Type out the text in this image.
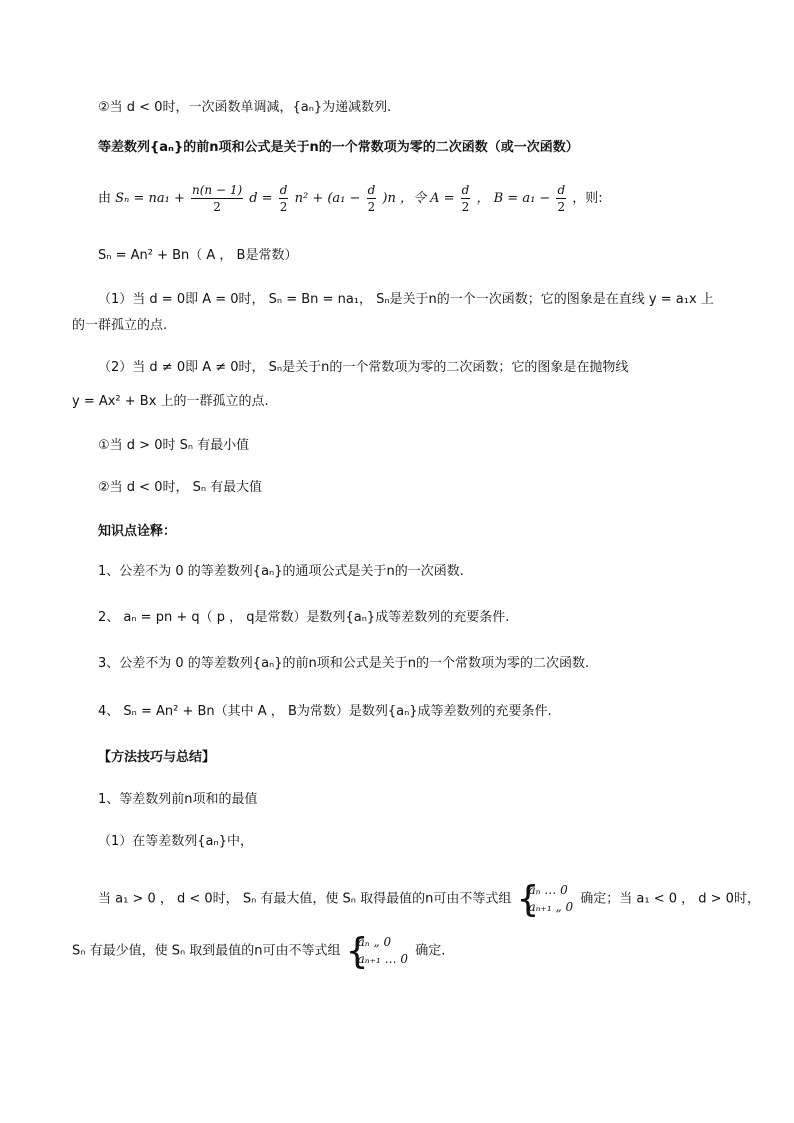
②当 d < 0时，一次函数单调减，{aₙ}为递减数列.
等差数列{aₙ}的前n项和公式是关于n的一个常数项为零的二次函数（或一次函数）
由 $S_n = na_1 + \frac{n(n - 1)}{2}$ $d = \frac{d}{2} n^2 + (a_1 - \frac{d}{2} )n$ ，令 $A = \frac{d}{2}$ ， $B = a_1 - \frac{d}{2}$ ，则:
Sₙ = An² + Bn（ A ， B是常数）
（1）当 d = 0即 A = 0时， Sₙ = Bn = na₁， Sₙ是关于n的一个一次函数；它的图象是在直线 y = a₁x 上
的一群孤立的点.
（2）当 d ≠ 0即 A ≠ 0时， Sₙ是关于n的一个常数项为零的二次函数；它的图象是在抛物线
y = Ax² + Bx 上的一群孤立的点.
①当 d > 0时 Sₙ 有最小值
②当 d < 0时， Sₙ 有最大值
知识点诠释：
1、公差不为 0 的等差数列{aₙ}的通项公式是关于n的一次函数.
2、 aₙ = pn + q（ p ， q是常数）是数列{aₙ}成等差数列的充要条件.
3、公差不为 0 的等差数列{aₙ}的前n项和公式是关于n的一个常数项为零的二次函数.
4、 Sₙ = An² + Bn（其中 A ， B为常数）是数列{aₙ}成等差数列的充要条件.
【方法技巧与总结】
1、等差数列前n项和的最值
（1）在等差数列{aₙ}中，
当 a₁ > 0 ， d < 0时， Sₙ 有最大值，使 Sₙ 取得最值的n可由不等式组
{ aₙ … 0
aₙ₊₁ „ 0
确定；当 a₁ < 0 ， d > 0时，
Sₙ 有最少值，使 Sₙ 取到最值的n可由不等式组
{ aₙ „ 0
aₙ₊₁ … 0
确定.
